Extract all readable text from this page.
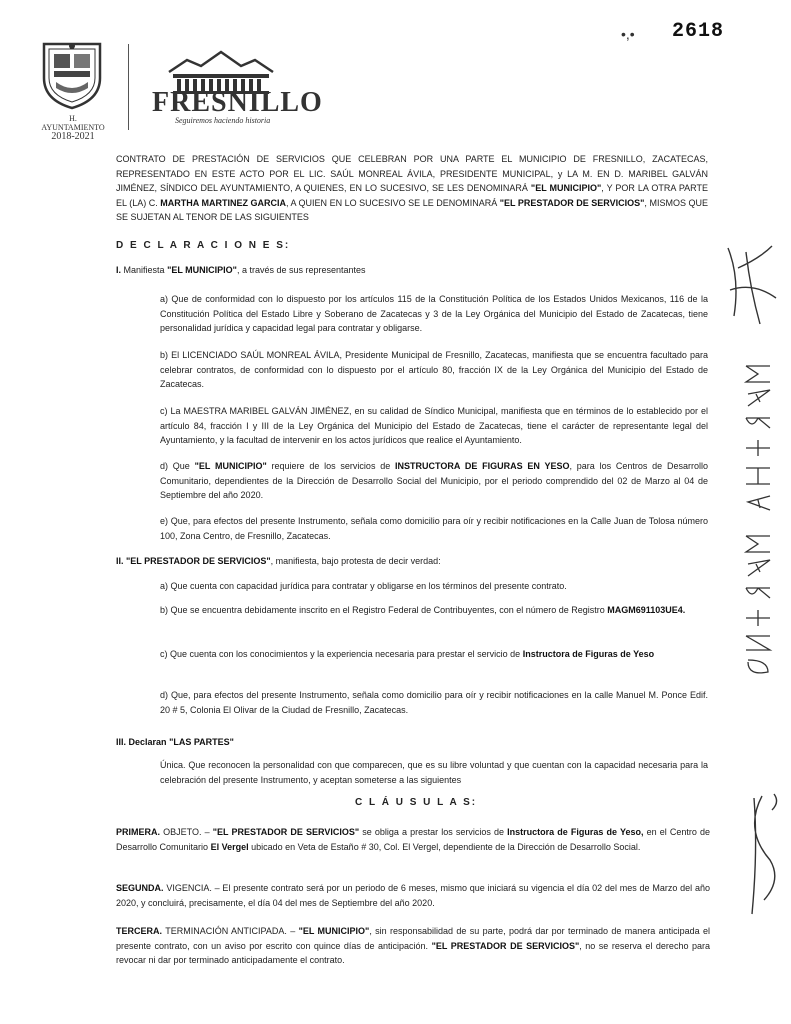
•,• 2618
H. AYUNTAMIENTO
2018-2021
FRESNILLO
Seguiremos haciendo historia
CONTRATO DE PRESTACIÓN DE SERVICIOS QUE CELEBRAN POR UNA PARTE EL MUNICIPIO DE FRESNILLO, ZACATECAS, REPRESENTADO EN ESTE ACTO POR EL LIC. SAÚL MONREAL ÁVILA, PRESIDENTE MUNICIPAL, y LA M. EN D. MARIBEL GALVÁN JIMÉNEZ, SÍNDICO DEL AYUNTAMIENTO, A QUIENES, EN LO SUCESIVO, SE LES DENOMINARÁ "EL MUNICIPIO", Y POR LA OTRA PARTE EL (LA) C. MARTHA MARTINEZ GARCIA, A QUIEN EN LO SUCESIVO SE LE DENOMINARÁ "EL PRESTADOR DE SERVICIOS", MISMOS QUE SE SUJETAN AL TENOR DE LAS SIGUIENTES
D E C L A R A C I O N E S:
I. Manifiesta "EL MUNICIPIO", a través de sus representantes
a) Que de conformidad con lo dispuesto por los artículos 115 de la Constitución Política de los Estados Unidos Mexicanos, 116 de la Constitución Política del Estado Libre y Soberano de Zacatecas y 3 de la Ley Orgánica del Municipio del Estado de Zacatecas, tiene personalidad jurídica y capacidad legal para contratar y obligarse.
b) El LICENCIADO SAÚL MONREAL ÁVILA, Presidente Municipal de Fresnillo, Zacatecas, manifiesta que se encuentra facultado para celebrar contratos, de conformidad con lo dispuesto por el artículo 80, fracción IX de la Ley Orgánica del Municipio del Estado de Zacatecas.
c) La MAESTRA MARIBEL GALVÁN JIMÉNEZ, en su calidad de Síndico Municipal, manifiesta que en términos de lo establecido por el artículo 84, fracción I y III de la Ley Orgánica del Municipio del Estado de Zacatecas, tiene el carácter de representante legal del Ayuntamiento, y la facultad de intervenir en los actos jurídicos que realice el Ayuntamiento.
d) Que "EL MUNICIPIO" requiere de los servicios de INSTRUCTORA DE FIGURAS EN YESO, para los Centros de Desarrollo Comunitario, dependientes de la Dirección de Desarrollo Social del Municipio, por el periodo comprendido del 02 de Marzo al 04 de Septiembre del año 2020.
e) Que, para efectos del presente Instrumento, señala como domicilio para oír y recibir notificaciones en la Calle Juan de Tolosa número 100, Zona Centro, de Fresnillo, Zacatecas.
II. "EL PRESTADOR DE SERVICIOS", manifiesta, bajo protesta de decir verdad:
a) Que cuenta con capacidad jurídica para contratar y obligarse en los términos del presente contrato.
b) Que se encuentra debidamente inscrito en el Registro Federal de Contribuyentes, con el número de Registro MAGM691103UE4.
c) Que cuenta con los conocimientos y la experiencia necesaria para prestar el servicio de Instructora de Figuras de Yeso
d) Que, para efectos del presente Instrumento, señala como domicilio para oír y recibir notificaciones en la calle Manuel M. Ponce Edif. 20 # 5, Colonia El Olivar de la Ciudad de Fresnillo, Zacatecas.
III. Declaran "LAS PARTES"
Única. Que reconocen la personalidad con que comparecen, que es su libre voluntad y que cuentan con la capacidad necesaria para la celebración del presente Instrumento, y aceptan someterse a las siguientes
C L Á U S U L A S:
PRIMERA. OBJETO. – "EL PRESTADOR DE SERVICIOS" se obliga a prestar los servicios de Instructora de Figuras de Yeso, en el Centro de Desarrollo Comunitario El Vergel ubicado en Veta de Estaño # 30, Col. El Vergel, dependiente de la Dirección de Desarrollo Social.
SEGUNDA. VIGENCIA. – El presente contrato será por un periodo de 6 meses, mismo que iniciará su vigencia el día 02 del mes de Marzo del año 2020, y concluirá, precisamente, el día 04 del mes de Septiembre del año 2020.
TERCERA. TERMINACIÓN ANTICIPADA. – "EL MUNICIPIO", sin responsabilidad de su parte, podrá dar por terminado de manera anticipada el presente contrato, con un aviso por escrito con quince días de anticipación. "EL PRESTADOR DE SERVICIOS", no se reserva el derecho para revocar ni dar por terminado anticipadamente el contrato.
